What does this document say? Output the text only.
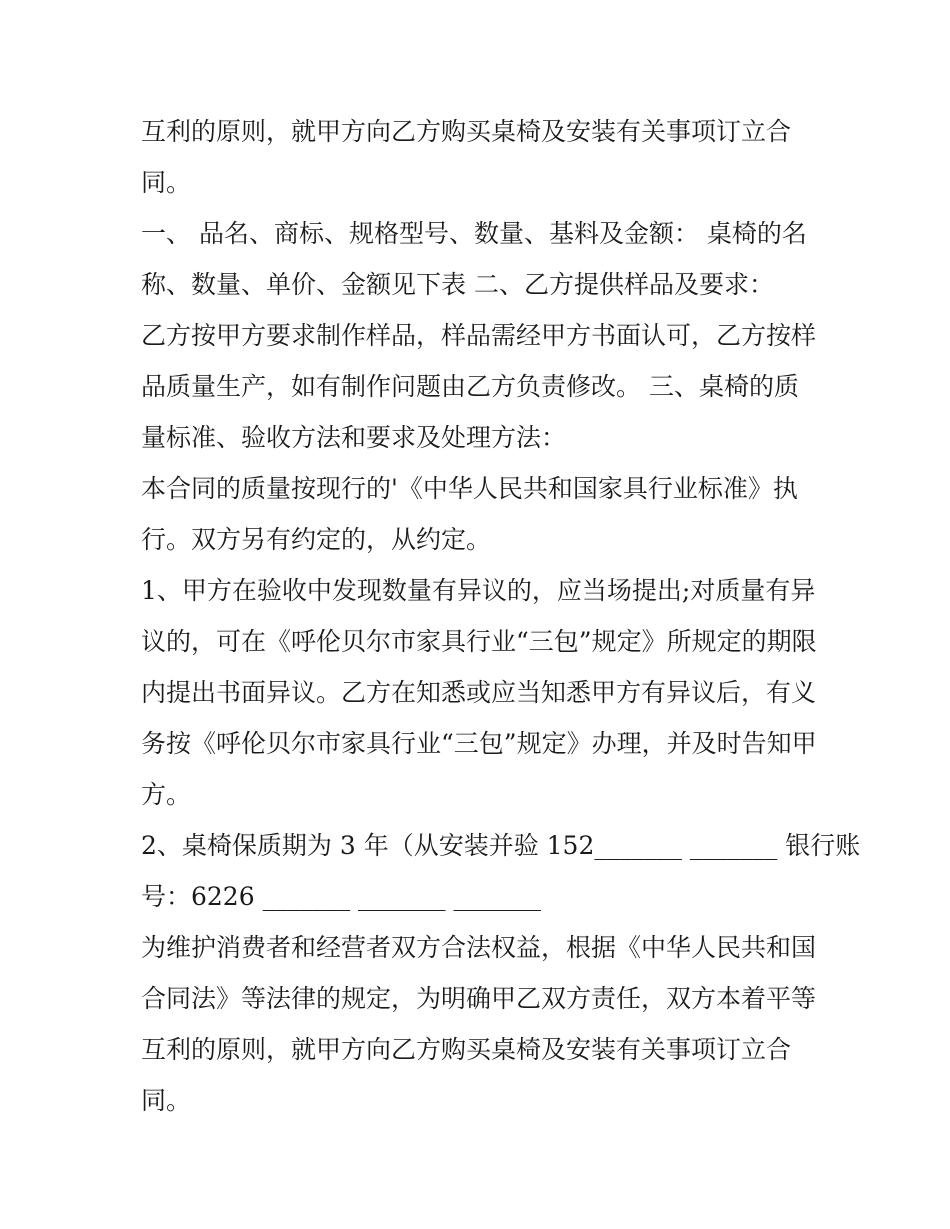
互利的原则，就甲方向乙方购买桌椅及安装有关事项订立合

同。

一、 品名、商标、规格型号、数量、基料及金额： 桌椅的名

称、数量、单价、金额见下表 二、乙方提供样品及要求：

乙方按甲方要求制作样品，样品需经甲方书面认可，乙方按样

品质量生产，如有制作问题由乙方负责修改。 三、桌椅的质

量标准、验收方法和要求及处理方法：

本合同的质量按现行的'《中华人民共和国家具行业标准》执

行。双方另有约定的，从约定。

1、甲方在验收中发现数量有异议的，应当场提出;对质量有异

议的，可在《呼伦贝尔市家具行业“三包”规定》所规定的期限

内提出书面异议。乙方在知悉或应当知悉甲方有异议后，有义

务按《呼伦贝尔市家具行业“三包”规定》办理，并及时告知甲

方。

2、桌椅保质期为 3 年（从安装并验 152_______ _______ 银行账

号：6226 _______ _______ _______

为维护消费者和经营者双方合法权益，根据《中华人民共和国

合同法》等法律的规定，为明确甲乙双方责任，双方本着平等

互利的原则，就甲方向乙方购买桌椅及安装有关事项订立合

同。
